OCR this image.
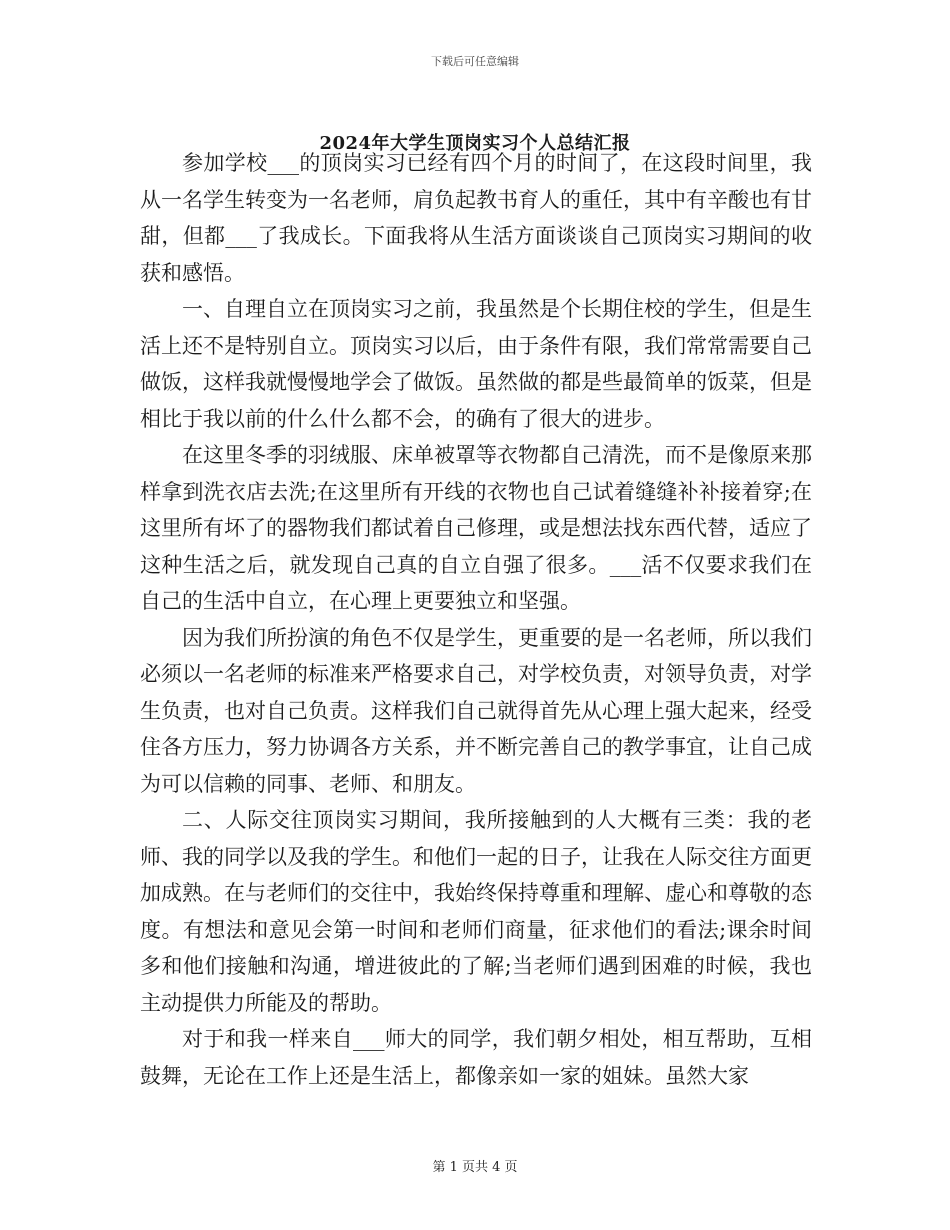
下载后可任意编辑
2024年大学生顶岗实习个人总结汇报

参加学校___的顶岗实习已经有四个月的时间了，在这段时间里，我从一名学生转变为一名老师，肩负起教书育人的重任，其中有辛酸也有甘甜，但都___了我成长。下面我将从生活方面谈谈自己顶岗实习期间的收获和感悟。

一、自理自立在顶岗实习之前，我虽然是个长期住校的学生，但是生活上还不是特别自立。顶岗实习以后，由于条件有限，我们常常需要自己做饭，这样我就慢慢地学会了做饭。虽然做的都是些最简单的饭菜，但是相比于我以前的什么什么都不会，的确有了很大的进步。

在这里冬季的羽绒服、床单被罩等衣物都自己清洗，而不是像原来那样拿到洗衣店去洗;在这里所有开线的衣物也自己试着缝缝补补接着穿;在这里所有坏了的器物我们都试着自己修理，或是想法找东西代替，适应了这种生活之后，就发现自己真的自立自强了很多。___活不仅要求我们在自己的生活中自立，在心理上更要独立和坚强。

因为我们所扮演的角色不仅是学生，更重要的是一名老师，所以我们必须以一名老师的标准来严格要求自己，对学校负责，对领导负责，对学生负责，也对自己负责。这样我们自己就得首先从心理上强大起来，经受住各方压力，努力协调各方关系，并不断完善自己的教学事宜，让自己成为可以信赖的同事、老师、和朋友。

二、人际交往顶岗实习期间，我所接触到的人大概有三类：我的老师、我的同学以及我的学生。和他们一起的日子，让我在人际交往方面更加成熟。在与老师们的交往中，我始终保持尊重和理解、虚心和尊敬的态度。有想法和意见会第一时间和老师们商量，征求他们的看法;课余时间多和他们接触和沟通，增进彼此的了解;当老师们遇到困难的时候，我也主动提供力所能及的帮助。

对于和我一样来自___师大的同学，我们朝夕相处，相互帮助，互相鼓舞，无论在工作上还是生活上，都像亲如一家的姐妹。虽然大家

第 1 页共 4 页
